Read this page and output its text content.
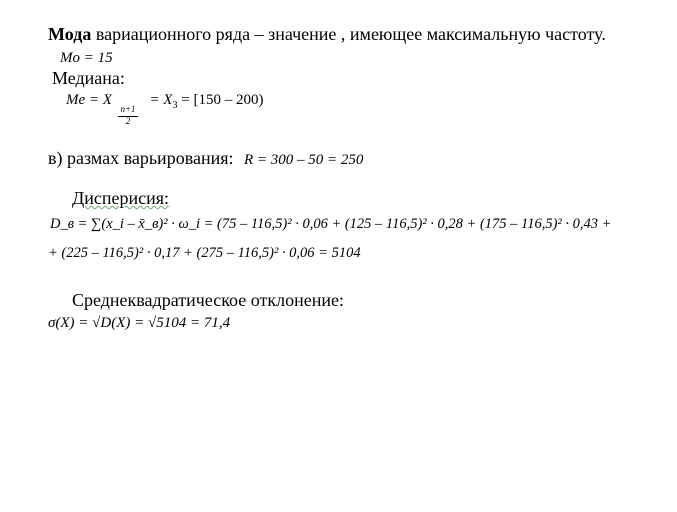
Мода вариационного ряда – значение , имеющее максимальную частоту.
Mo = 15
Медиана:
Me = X	= $X_3 = [150 - 200)$
n+1
2
в) размах варьирования: R = 300 – 50 = 250
Дисперисия:
D_в = ∑(x_i – x̄_в)² · ω_i = (75 – 116,5)² · 0,06 + (125 – 116,5)² · 0,28 + (175 – 116,5)² · 0,43 +
+ (225 – 116,5)² · 0,17 + (275 – 116,5)² · 0,06 = 5104
Среднеквадратическое отклонение:
σ(X) = √D(X) = √5104 = 71,4
